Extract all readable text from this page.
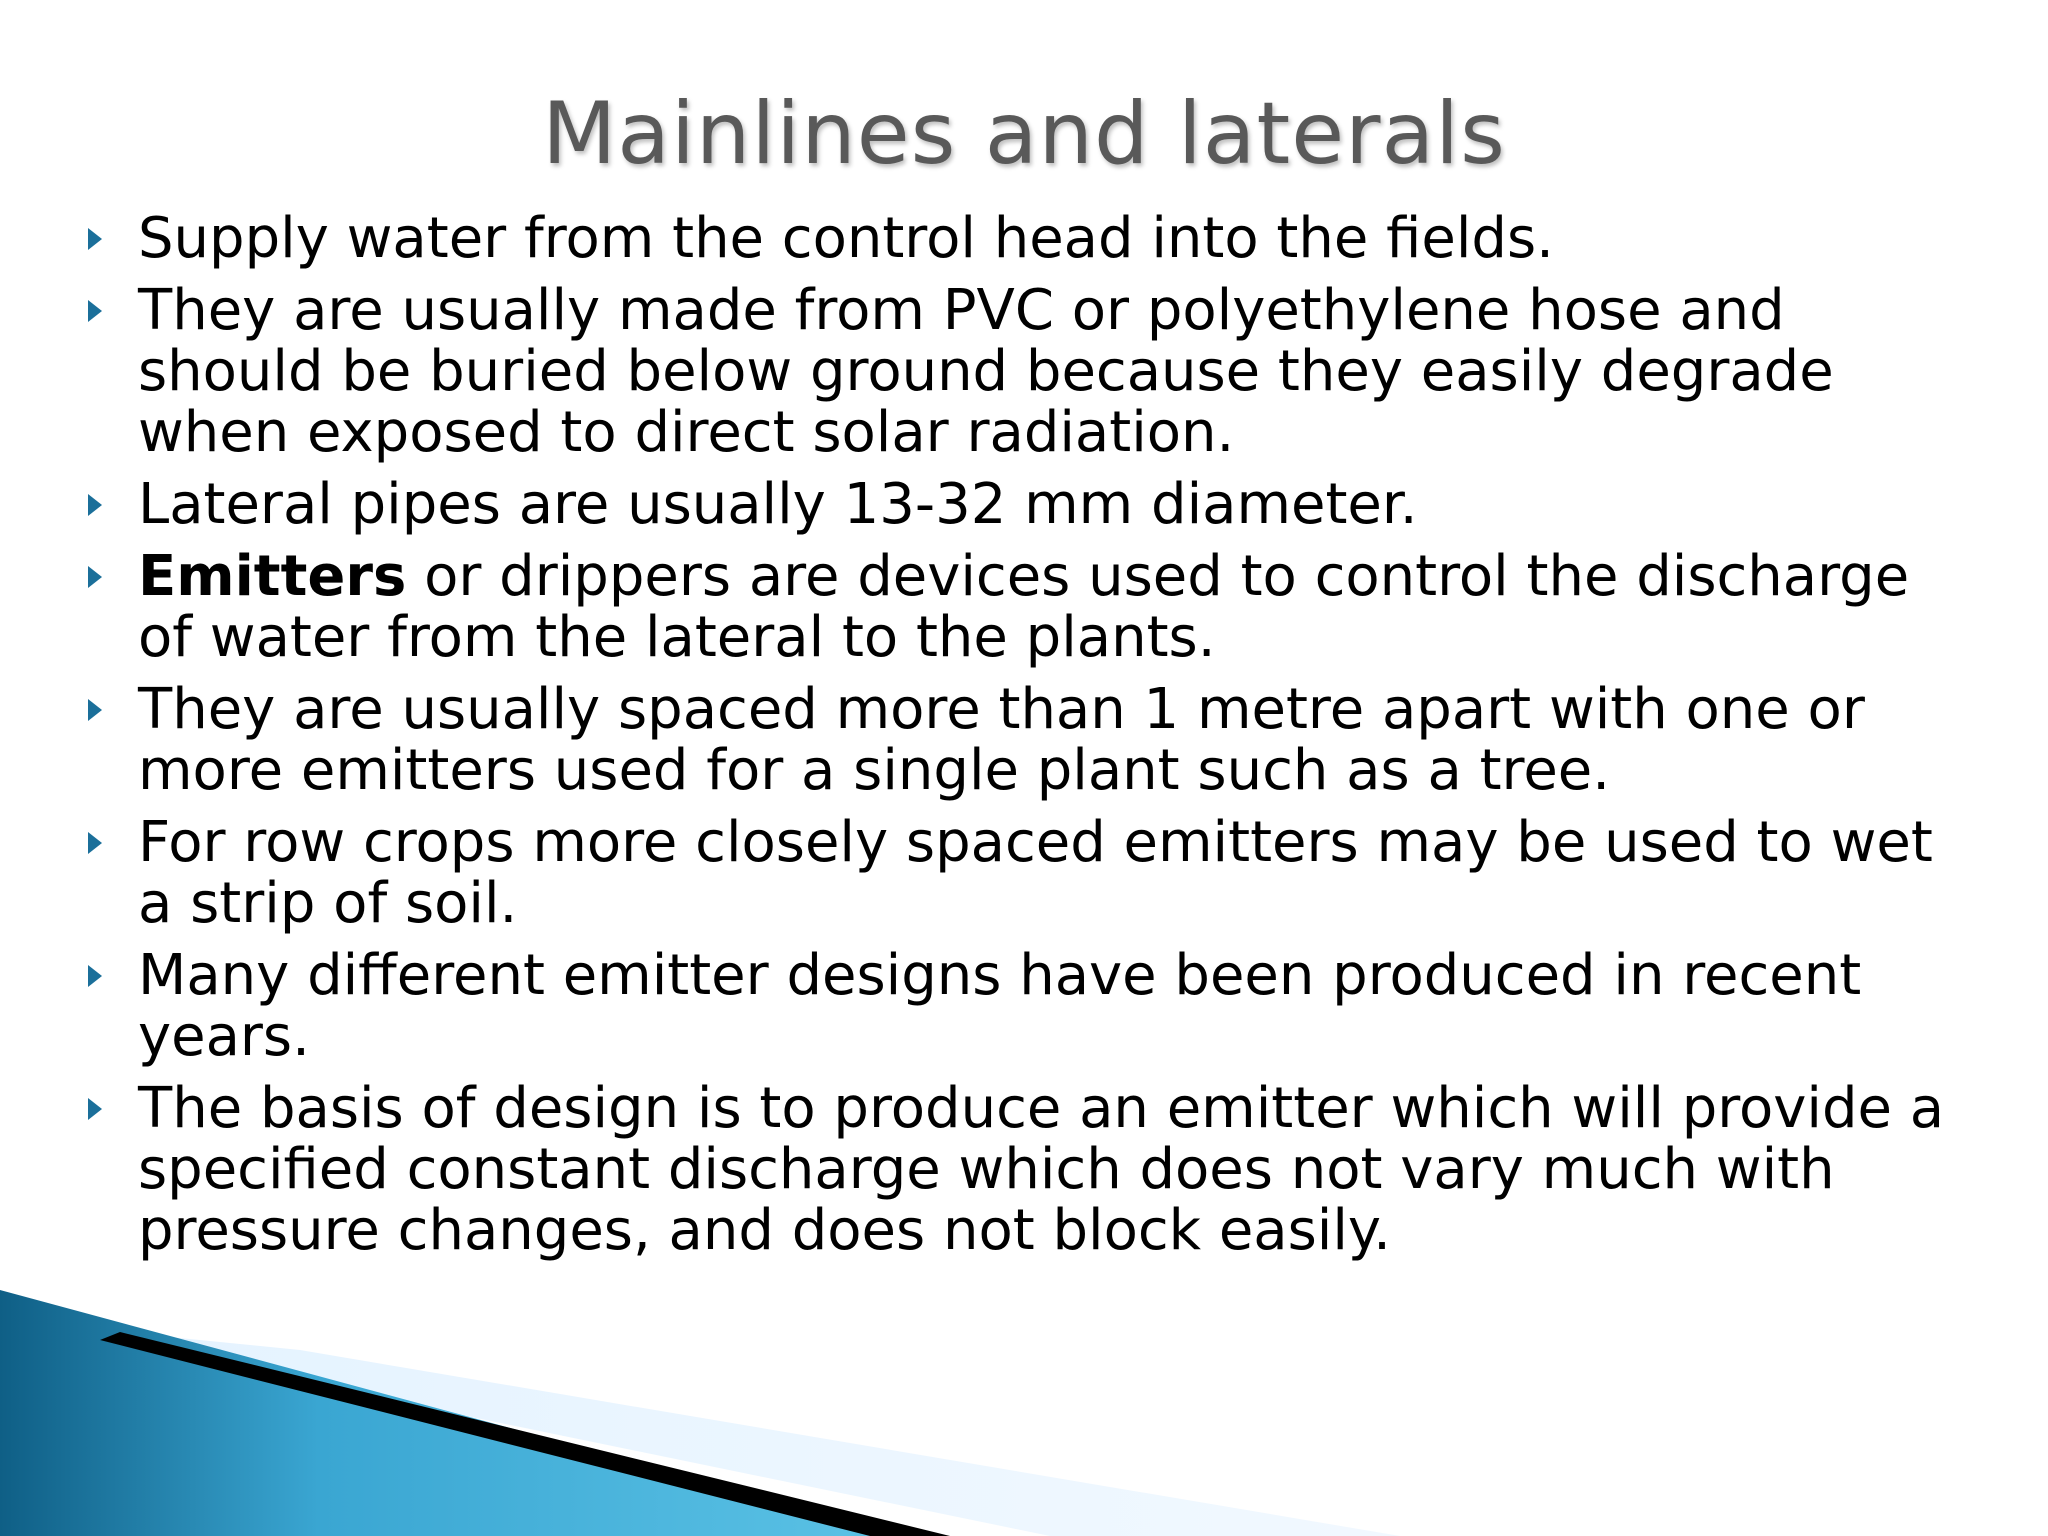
Mainlines and laterals
Supply water from the control head into the fields.
They are usually made from PVC or polyethylene hose and should be buried below ground because they easily degrade when exposed to direct solar radiation.
Lateral pipes are usually 13-32 mm diameter.
Emitters or drippers are devices used to control the discharge of water from the lateral to the plants.
They are usually spaced more than 1 metre apart with one or more emitters used for a single plant such as a tree.
For row crops more closely spaced emitters may be used to wet a strip of soil.
Many different emitter designs have been produced in recent years.
The basis of design is to produce an emitter which will provide a specified constant discharge which does not vary much with pressure changes, and does not block easily.
